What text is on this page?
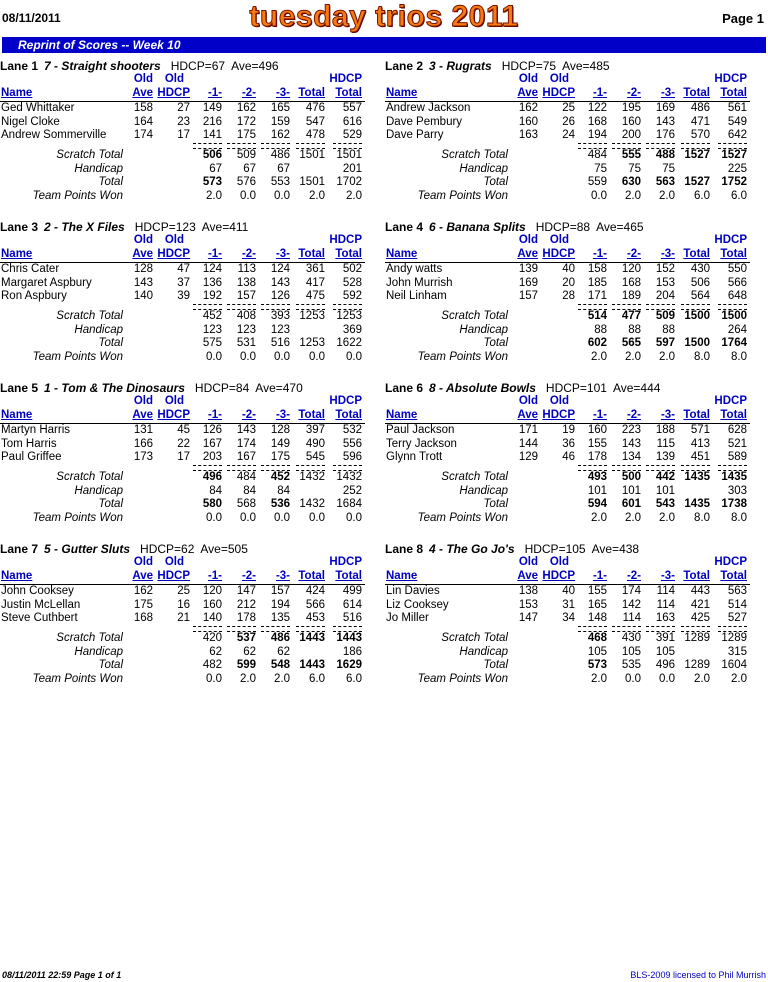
08/11/2011	tuesday trios 2011	Page 1
Reprint of Scores -- Week 10
Lane 1 7 - Straight shooters HDCP=67 Ave=496
Old Old	HDCP
Name	Ave HDCP -1- -2- -3- Total Total
Ged Whittaker	158 27 149 162 165 476 557
Nigel Cloke	164 23 216 172 159 547 616
Andrew Sommerville 174 17 141 175 162 478 529
Scratch Total	506 509 486 1501 1501
Handicap	67 67 67	201
Total	573 576 553 1501 1702
Team Points Won	2.0 0.0 0.0 2.0 2.0
Lane 2 3 - Rugrats HDCP=75 Ave=485
Old Old	HDCP
Name	Ave HDCP -1- -2- -3- Total Total
Andrew Jackson	162 25 122 195 169 486 561
Dave Pembury	160 26 168 160 143 471 549
Dave Parry	163 24 194 200 176 570 642
Scratch Total	484 555 488 1527 1527
Handicap	75 75 75	225
Total	559 630 563 1527 1752
Team Points Won	0.0 2.0 2.0 6.0 6.0
Lane 3 2 - The X Files HDCP=123 Ave=411
Old Old	HDCP
Name	Ave HDCP -1- -2- -3- Total Total
Chris Cater	128 47 124 113 124 361 502
Margaret Aspbury	143 37 136 138 143 417 528
Ron Aspbury	140 39 192 157 126 475 592
Scratch Total	452 408 393 1253 1253
Handicap	123 123 123	369
Total	575 531 516 1253 1622
Team Points Won	0.0 0.0 0.0 0.0 0.0
Lane 4 6 - Banana Splits HDCP=88 Ave=465
Old Old	HDCP
Name	Ave HDCP -1- -2- -3- Total Total
Andy watts	139 40 158 120 152 430 550
John Murrish	169 20 185 168 153 506 566
Neil Linham	157 28 171 189 204 564 648
Scratch Total	514 477 509 1500 1500
Handicap	88 88 88	264
Total	602 565 597 1500 1764
Team Points Won	2.0 2.0 2.0 8.0 8.0
Lane 5 1 - Tom & The Dinosaurs HDCP=84 Ave=470
Old Old	HDCP
Name	Ave HDCP -1- -2- -3- Total Total
Martyn Harris	131 45 126 143 128 397 532
Tom Harris	166 22 167 174 149 490 556
Paul Griffee	173 17 203 167 175 545 596
Scratch Total	496 484 452 1432 1432
Handicap	84 84 84	252
Total	580 568 536 1432 1684
Team Points Won	0.0 0.0 0.0 0.0 0.0
Lane 6 8 - Absolute Bowls HDCP=101 Ave=444
Old Old	HDCP
Name	Ave HDCP -1- -2- -3- Total Total
Paul Jackson	171 19 160 223 188 571 628
Terry Jackson	144 36 155 143 115 413 521
Glynn Trott	129 46 178 134 139 451 589
Scratch Total	493 500 442 1435 1435
Handicap	101 101 101	303
Total	594 601 543 1435 1738
Team Points Won	2.0 2.0 2.0 8.0 8.0
Lane 7 5 - Gutter Sluts HDCP=62 Ave=505
Old Old	HDCP
Name	Ave HDCP -1- -2- -3- Total Total
John Cooksey	162 25 120 147 157 424 499
Justin McLellan	175 16 160 212 194 566 614
Steve Cuthbert	168 21 140 178 135 453 516
Scratch Total	420 537 486 1443 1443
Handicap	62 62 62	186
Total	482 599 548 1443 1629
Team Points Won	0.0 2.0 2.0 6.0 6.0
Lane 8 4 - The Go Jo's HDCP=105 Ave=438
Old Old	HDCP
Name	Ave HDCP -1- -2- -3- Total Total
Lin Davies	138 40 155 174 114 443 563
Liz Cooksey	153 31 165 142 114 421 514
Jo Miller	147 34 148 114 163 425 527
Scratch Total	468 430 391 1289 1289
Handicap	105 105 105	315
Total	573 535 496 1289 1604
Team Points Won	2.0 0.0 0.0 2.0 2.0
08/11/2011 22:59 Page 1 of 1	BLS-2009 licensed to Phil Murrish
